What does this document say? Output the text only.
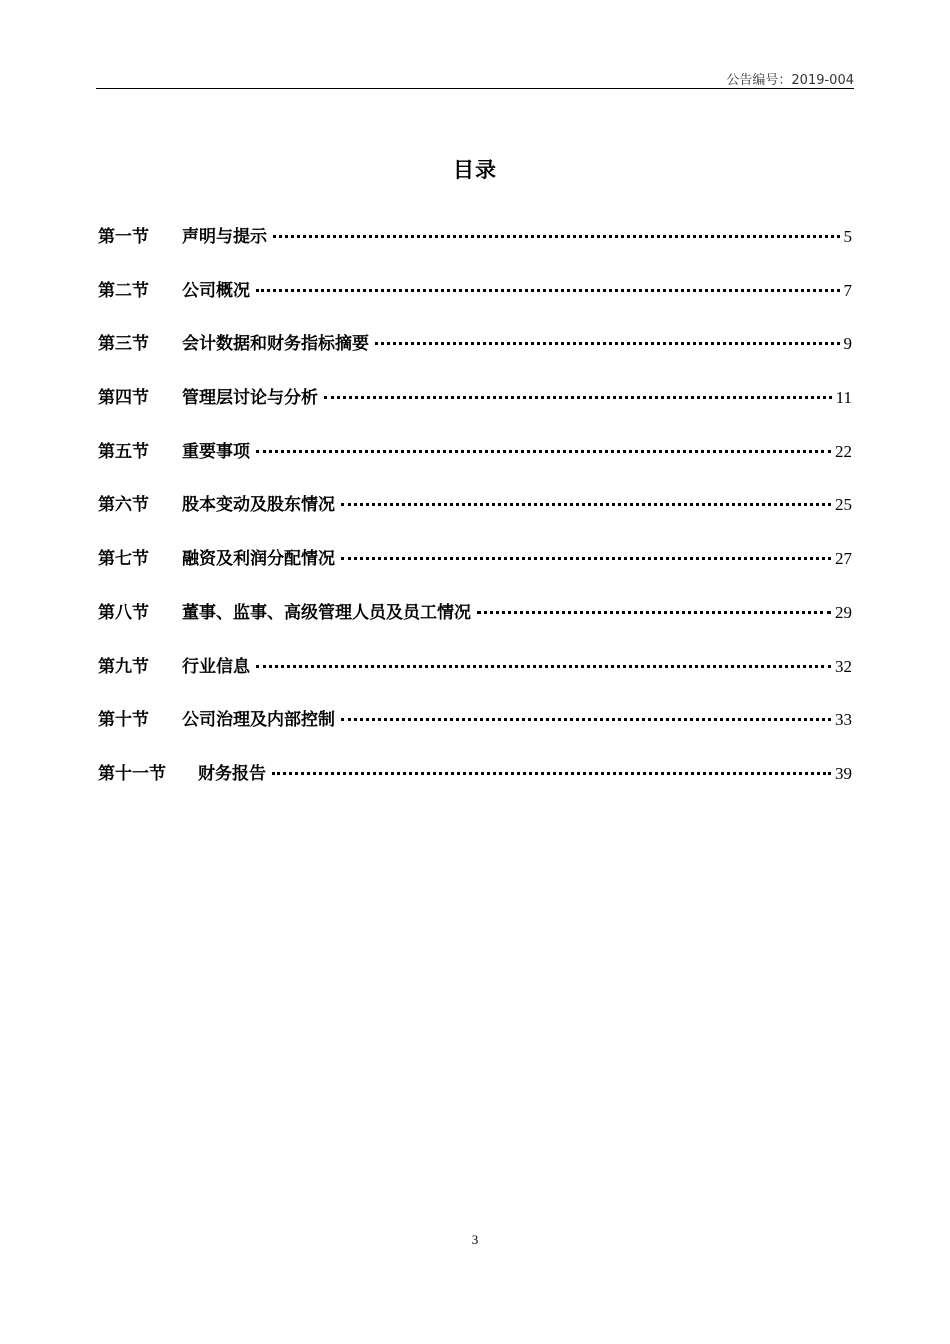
公告编号：2019-004
目录
第一节	声明与提示	5
第二节	公司概况	7
第三节	会计数据和财务指标摘要	9
第四节	管理层讨论与分析	11
第五节	重要事项	22
第六节	股本变动及股东情况	25
第七节	融资及利润分配情况	27
第八节	董事、监事、高级管理人员及员工情况	29
第九节	行业信息	32
第十节	公司治理及内部控制	33
第十一节	财务报告	39
3
